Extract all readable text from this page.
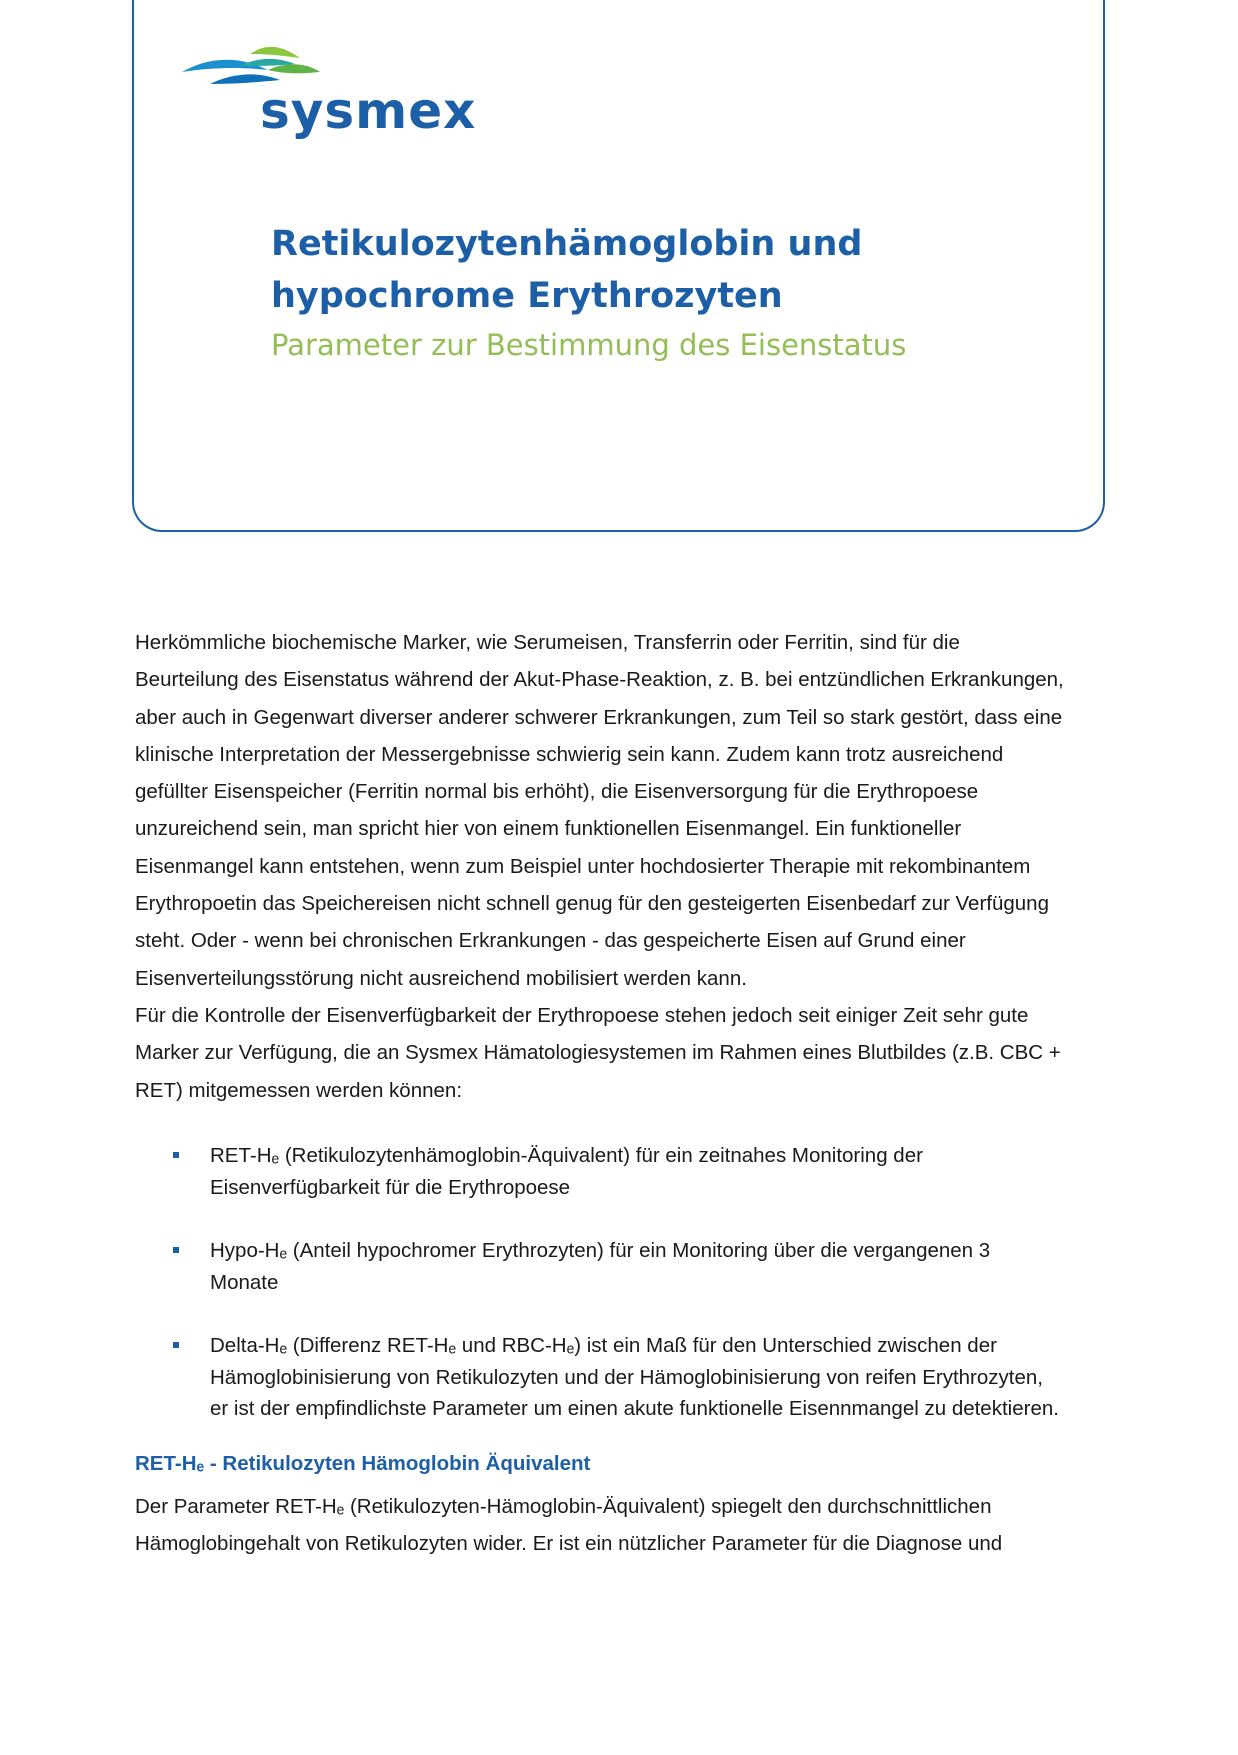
sysmex
Retikulozytenhämoglobin und
hypochrome Erythrozyten
Parameter zur Bestimmung des Eisenstatus
Herkömmliche biochemische Marker, wie Serumeisen, Transferrin oder Ferritin, sind für die
Beurteilung des Eisenstatus während der Akut-Phase-Reaktion, z. B. bei entzündlichen Erkrankungen,
aber auch in Gegenwart diverser anderer schwerer Erkrankungen, zum Teil so stark gestört, dass eine
klinische Interpretation der Messergebnisse schwierig sein kann. Zudem kann trotz ausreichend
gefüllter Eisenspeicher (Ferritin normal bis erhöht), die Eisenversorgung für die Erythropoese
unzureichend sein, man spricht hier von einem funktionellen Eisenmangel. Ein funktioneller
Eisenmangel kann entstehen, wenn zum Beispiel unter hochdosierter Therapie mit rekombinantem
Erythropoetin das Speichereisen nicht schnell genug für den gesteigerten Eisenbedarf zur Verfügung
steht. Oder - wenn bei chronischen Erkrankungen - das gespeicherte Eisen auf Grund einer
Eisenverteilungsstörung nicht ausreichend mobilisiert werden kann.
Für die Kontrolle der Eisenverfügbarkeit der Erythropoese stehen jedoch seit einiger Zeit sehr gute
Marker zur Verfügung, die an Sysmex Hämatologiesystemen im Rahmen eines Blutbildes (z.B. CBC +
RET) mitgemessen werden können:
RET-Hₑ (Retikulozytenhämoglobin-Äquivalent) für ein zeitnahes Monitoring der
Eisenverfügbarkeit für die Erythropoese
Hypo-Hₑ (Anteil hypochromer Erythrozyten) für ein Monitoring über die vergangenen 3
Monate
Delta-Hₑ (Differenz RET-Hₑ und RBC-Hₑ) ist ein Maß für den Unterschied zwischen der
Hämoglobinisierung von Retikulozyten und der Hämoglobinisierung von reifen Erythrozyten,
er ist der empfindlichste Parameter um einen akute funktionelle Eisennmangel zu detektieren.
RET-Hₑ - Retikulozyten Hämoglobin Äquivalent
Der Parameter RET-Hₑ (Retikulozyten-Hämoglobin-Äquivalent) spiegelt den durchschnittlichen
Hämoglobingehalt von Retikulozyten wider. Er ist ein nützlicher Parameter für die Diagnose und
